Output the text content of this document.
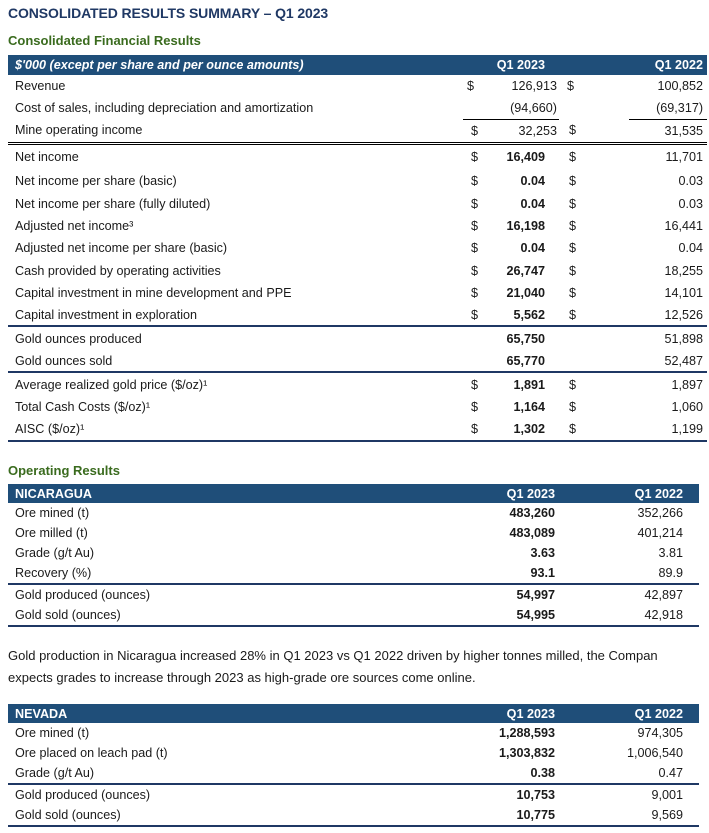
CONSOLIDATED RESULTS SUMMARY – Q1 2023
Consolidated Financial Results
$'000 (except per share and per ounce amounts)	Q1 2023		Q1 2022	
Revenue	$	126,913	$	100,852
Cost of sales, including depreciation and amortization		(94,660)		(69,317)
Mine operating income	$	32,253	$	31,535
Net income	$	16,409	$	11,701
Net income per share (basic)	$	0.04	$	0.03
Net income per share (fully diluted)	$	0.04	$	0.03
Adjusted net income³	$	16,198	$	16,441
Adjusted net income per share (basic)	$	0.04	$	0.04
Cash provided by operating activities	$	26,747	$	18,255
Capital investment in mine development and PPE	$	21,040	$	14,101
Capital investment in exploration	$	5,562	$	12,526
Gold ounces produced		65,750		51,898
Gold ounces sold		65,770		52,487
Average realized gold price ($/oz)¹	$	1,891	$	1,897
Total Cash Costs ($/oz)¹	$	1,164	$	1,060
AISC ($/oz)¹	$	1,302	$	1,199
Operating Results
NICARAGUA	Q1 2023	Q1 2022
Ore mined (t)	483,260	352,266
Ore milled (t)	483,089	401,214
Grade (g/t Au)	3.63	3.81
Recovery (%)	93.1	89.9
Gold produced (ounces)	54,997	42,897
Gold sold (ounces)	54,995	42,918
Gold production in Nicaragua increased 28% in Q1 2023 vs Q1 2022 driven by higher tonnes milled, the Compan
expects grades to increase through 2023 as high-grade ore sources come online.
NEVADA	Q1 2023	Q1 2022
Ore mined (t)	1,288,593	974,305
Ore placed on leach pad (t)	1,303,832	1,006,540
Grade (g/t Au)	0.38	0.47
Gold produced (ounces)	10,753	9,001
Gold sold (ounces)	10,775	9,569
